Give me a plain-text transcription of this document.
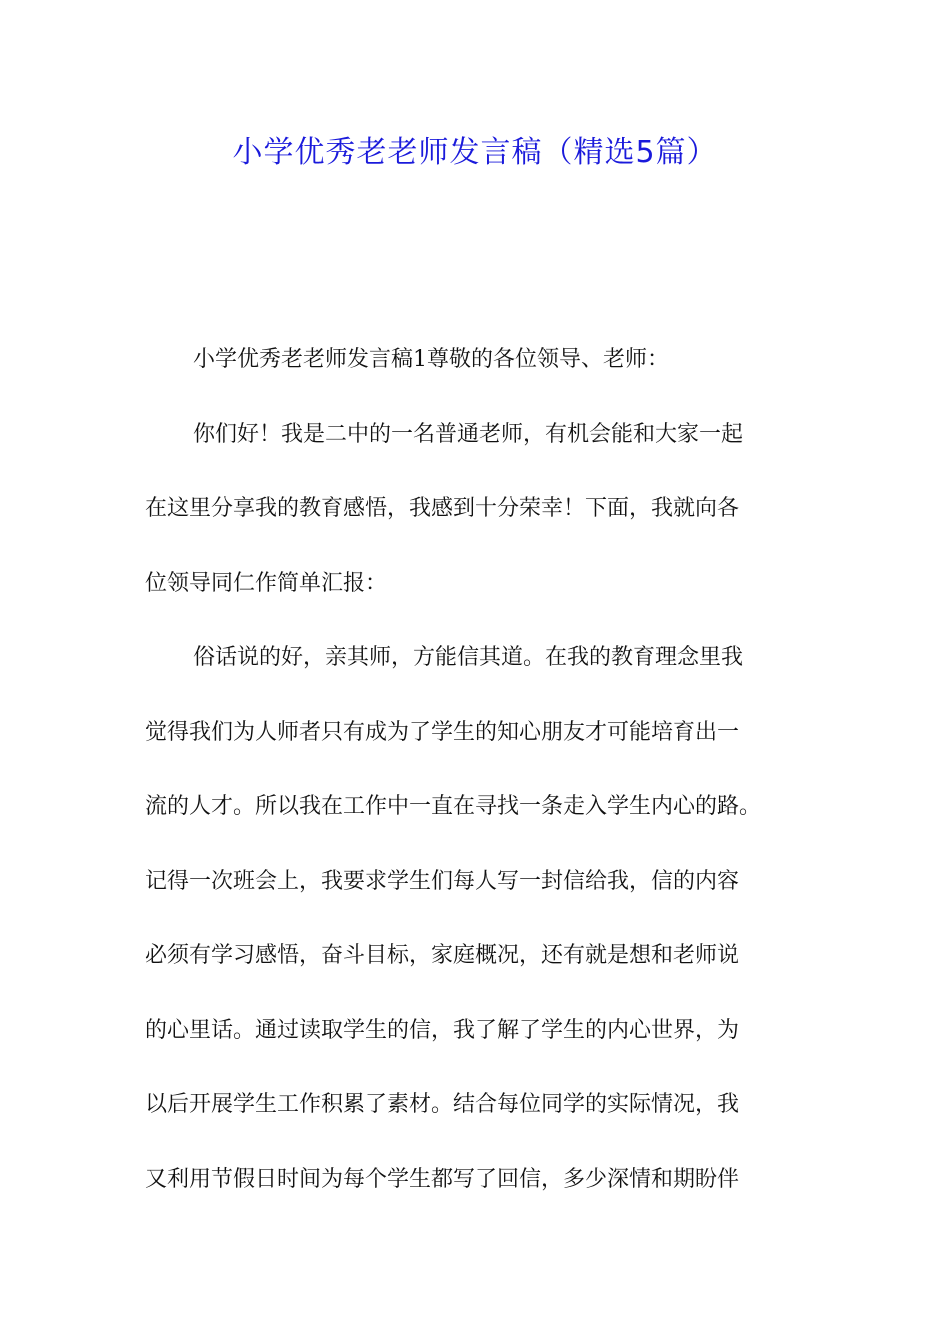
小学优秀老老师发言稿（精选5篇）
小学优秀老老师发言稿1尊敬的各位领导、老师：
你们好！我是二中的一名普通老师，有机会能和大家一起
在这里分享我的教育感悟，我感到十分荣幸！下面，我就向各
位领导同仁作简单汇报：
俗话说的好，亲其师，方能信其道。在我的教育理念里我
觉得我们为人师者只有成为了学生的知心朋友才可能培育出一
流的人才。所以我在工作中一直在寻找一条走入学生内心的路。
记得一次班会上，我要求学生们每人写一封信给我，信的内容
必须有学习感悟，奋斗目标，家庭概况，还有就是想和老师说
的心里话。通过读取学生的信，我了解了学生的内心世界，为
以后开展学生工作积累了素材。结合每位同学的实际情况，我
又利用节假日时间为每个学生都写了回信，多少深情和期盼伴
